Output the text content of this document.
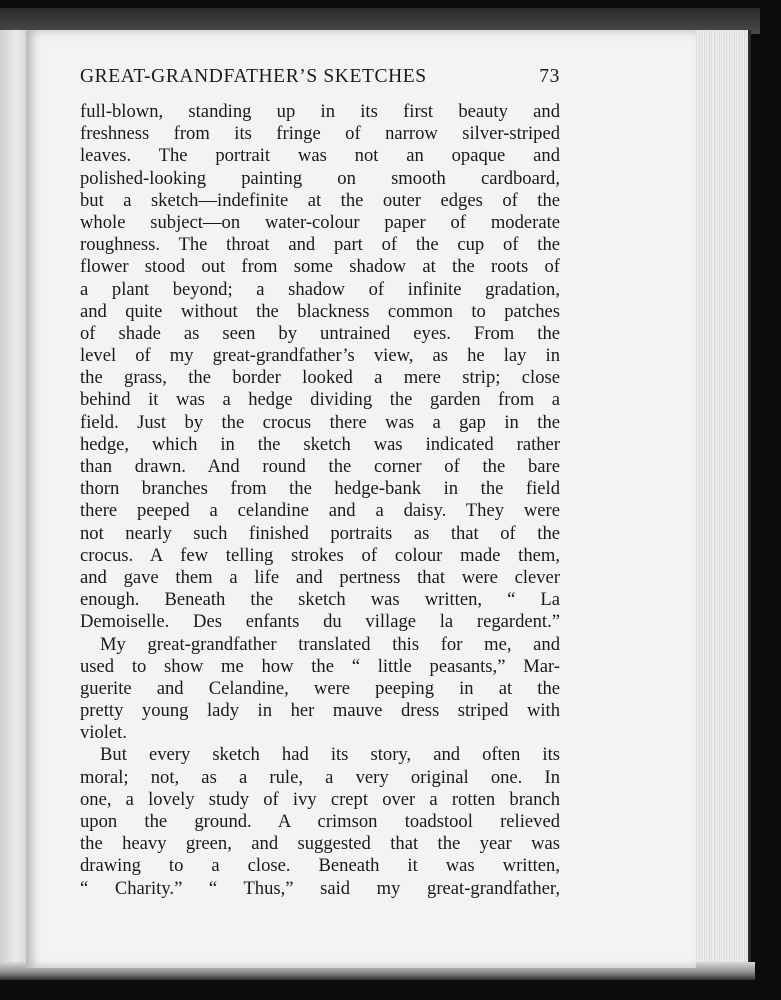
GREAT-GRANDFATHER’S SKETCHES	73
full-blown, standing up in its first beauty and
freshness from its fringe of narrow silver-striped
leaves. The portrait was not an opaque and
polished-looking painting on smooth cardboard,
but a sketch—indefinite at the outer edges of the
whole subject—on water-colour paper of moderate
roughness. The throat and part of the cup of the
flower stood out from some shadow at the roots of
a plant beyond; a shadow of infinite gradation,
and quite without the blackness common to patches
of shade as seen by untrained eyes. From the
level of my great-grandfather’s view, as he lay in
the grass, the border looked a mere strip; close
behind it was a hedge dividing the garden from a
field. Just by the crocus there was a gap in the
hedge, which in the sketch was indicated rather
than drawn. And round the corner of the bare
thorn branches from the hedge-bank in the field
there peeped a celandine and a daisy. They were
not nearly such finished portraits as that of the
crocus. A few telling strokes of colour made them,
and gave them a life and pertness that were clever
enough. Beneath the sketch was written, “ La
Demoiselle. Des enfants du village la regardent.”
My great-grandfather translated this for me, and
used to show me how the “ little peasants,” Mar-
guerite and Celandine, were peeping in at the
pretty young lady in her mauve dress striped with
violet.
But every sketch had its story, and often its
moral; not, as a rule, a very original one. In
one, a lovely study of ivy crept over a rotten branch
upon the ground. A crimson toadstool relieved
the heavy green, and suggested that the year was
drawing to a close. Beneath it was written,
“ Charity.” “ Thus,” said my great-grandfather,
